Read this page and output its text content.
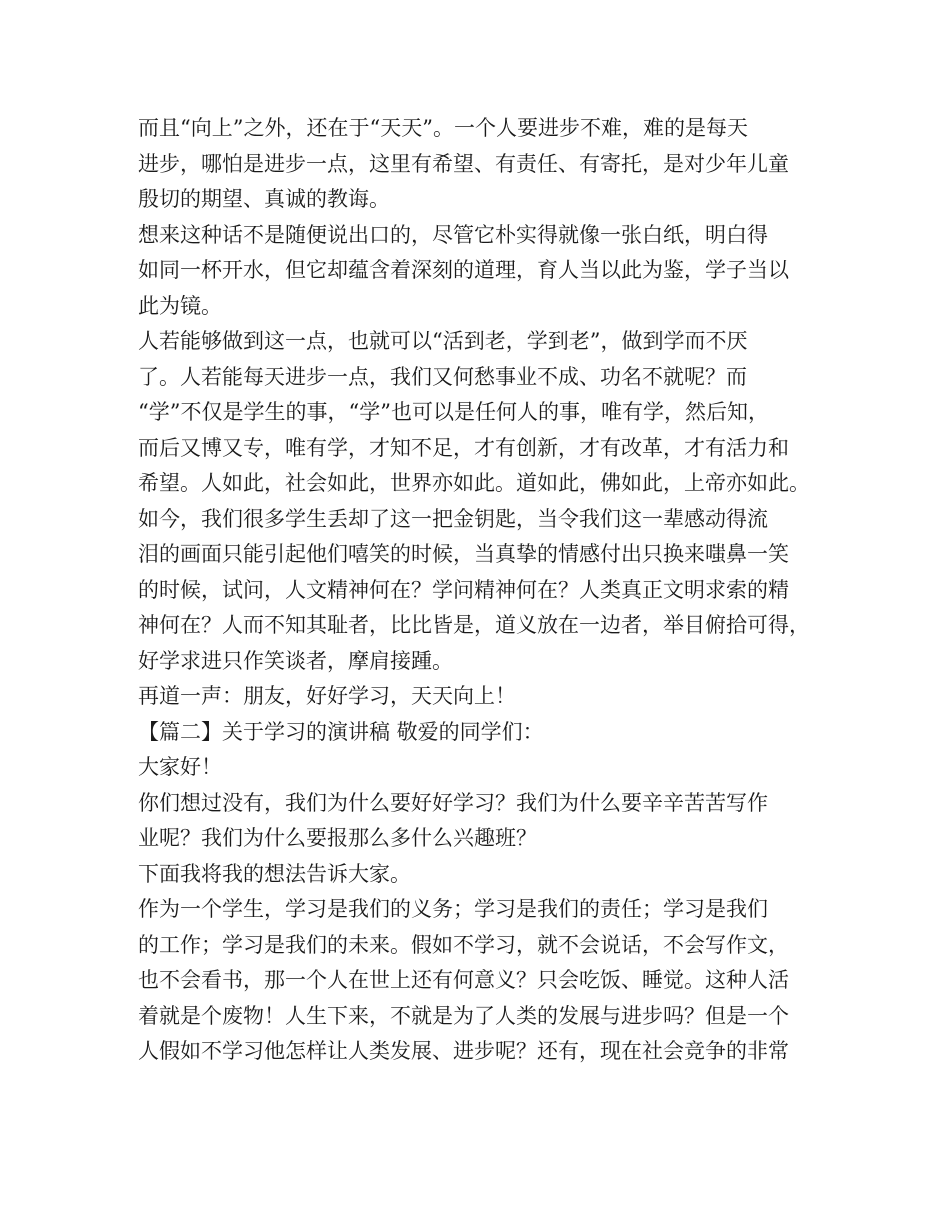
而且“向上”之外，还在于“天天”。一个人要进步不难，难的是每天
进步，哪怕是进步一点，这里有希望、有责任、有寄托，是对少年儿童
殷切的期望、真诚的教诲。
想来这种话不是随便说出口的，尽管它朴实得就像一张白纸，明白得
如同一杯开水，但它却蕴含着深刻的道理，育人当以此为鉴，学子当以
此为镜。
人若能够做到这一点，也就可以“活到老，学到老”，做到学而不厌
了。人若能每天进步一点，我们又何愁事业不成、功名不就呢？而
“学”不仅是学生的事，“学”也可以是任何人的事，唯有学，然后知，
而后又博又专，唯有学，才知不足，才有创新，才有改革，才有活力和
希望。人如此，社会如此，世界亦如此。道如此，佛如此，上帝亦如此。
如今，我们很多学生丢却了这一把金钥匙，当令我们这一辈感动得流
泪的画面只能引起他们嘻笑的时候，当真挚的情感付出只换来嗤鼻一笑
的时候，试问，人文精神何在？学问精神何在？人类真正文明求索的精
神何在？人而不知其耻者，比比皆是，道义放在一边者，举目俯拾可得，
好学求进只作笑谈者，摩肩接踵。
再道一声：朋友，好好学习，天天向上！
【篇二】关于学习的演讲稿 敬爱的同学们：
大家好！
你们想过没有，我们为什么要好好学习？我们为什么要辛辛苦苦写作
业呢？我们为什么要报那么多什么兴趣班？
下面我将我的想法告诉大家。
作为一个学生，学习是我们的义务；学习是我们的责任；学习是我们
的工作；学习是我们的未来。假如不学习，就不会说话，不会写作文，
也不会看书，那一个人在世上还有何意义？只会吃饭、睡觉。这种人活
着就是个废物！人生下来，不就是为了人类的发展与进步吗？但是一个
人假如不学习他怎样让人类发展、进步呢？还有，现在社会竞争的非常
